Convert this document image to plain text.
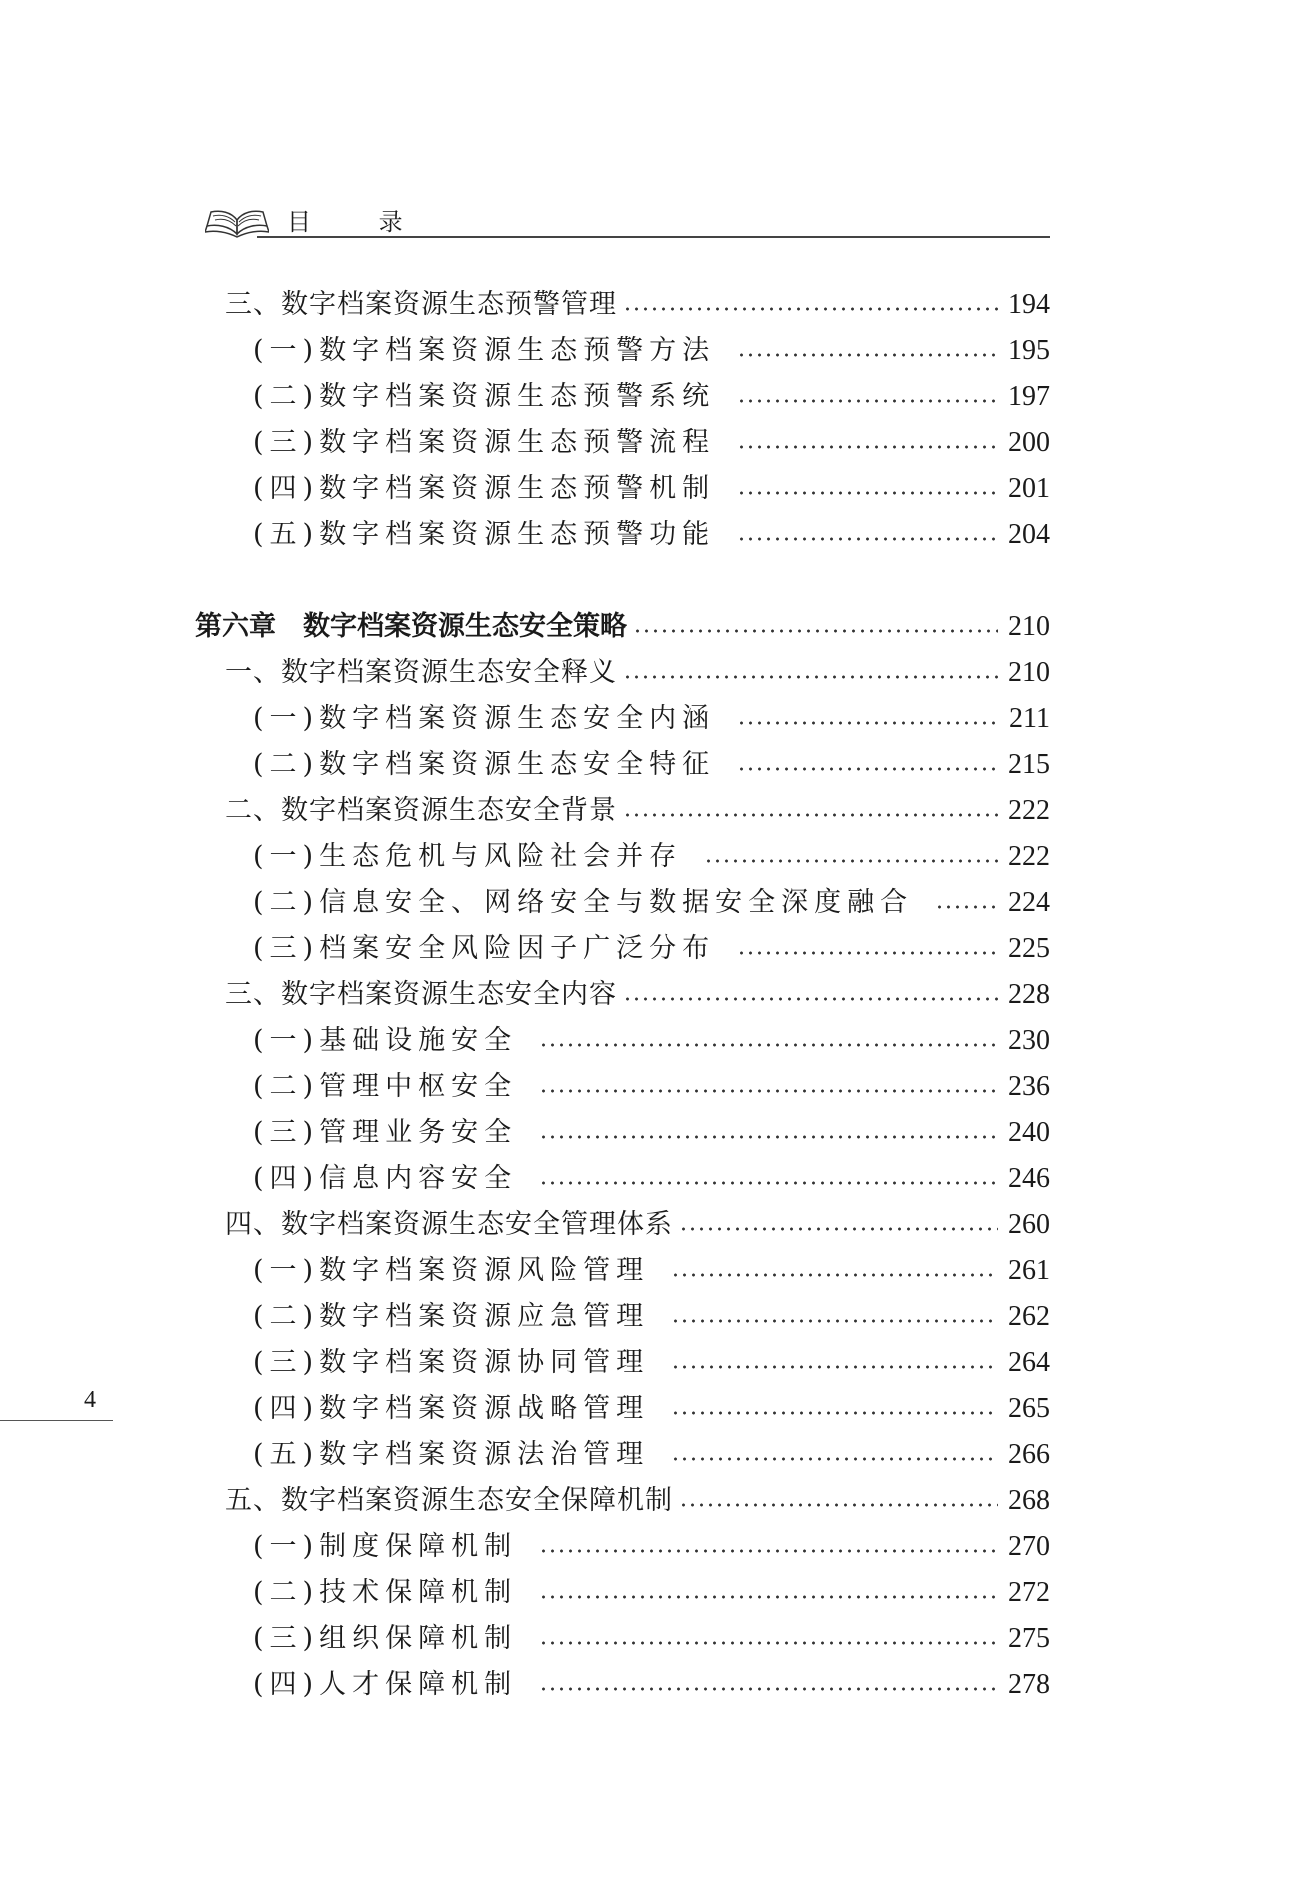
目 录
三、数字档案资源生态预警管理	194
(一)数字档案资源生态预警方法	195
(二)数字档案资源生态预警系统	197
(三)数字档案资源生态预警流程	200
(四)数字档案资源生态预警机制	201
(五)数字档案资源生态预警功能	204
第六章　数字档案资源生态安全策略	210
一、数字档案资源生态安全释义	210
(一)数字档案资源生态安全内涵	211
(二)数字档案资源生态安全特征	215
二、数字档案资源生态安全背景	222
(一)生态危机与风险社会并存	222
(二)信息安全、网络安全与数据安全深度融合	224
(三)档案安全风险因子广泛分布	225
三、数字档案资源生态安全内容	228
(一)基础设施安全	230
(二)管理中枢安全	236
(三)管理业务安全	240
(四)信息内容安全	246
四、数字档案资源生态安全管理体系	260
(一)数字档案资源风险管理	261
(二)数字档案资源应急管理	262
(三)数字档案资源协同管理	264
(四)数字档案资源战略管理	265
(五)数字档案资源法治管理	266
五、数字档案资源生态安全保障机制	268
(一)制度保障机制	270
(二)技术保障机制	272
(三)组织保障机制	275
(四)人才保障机制	278
4
